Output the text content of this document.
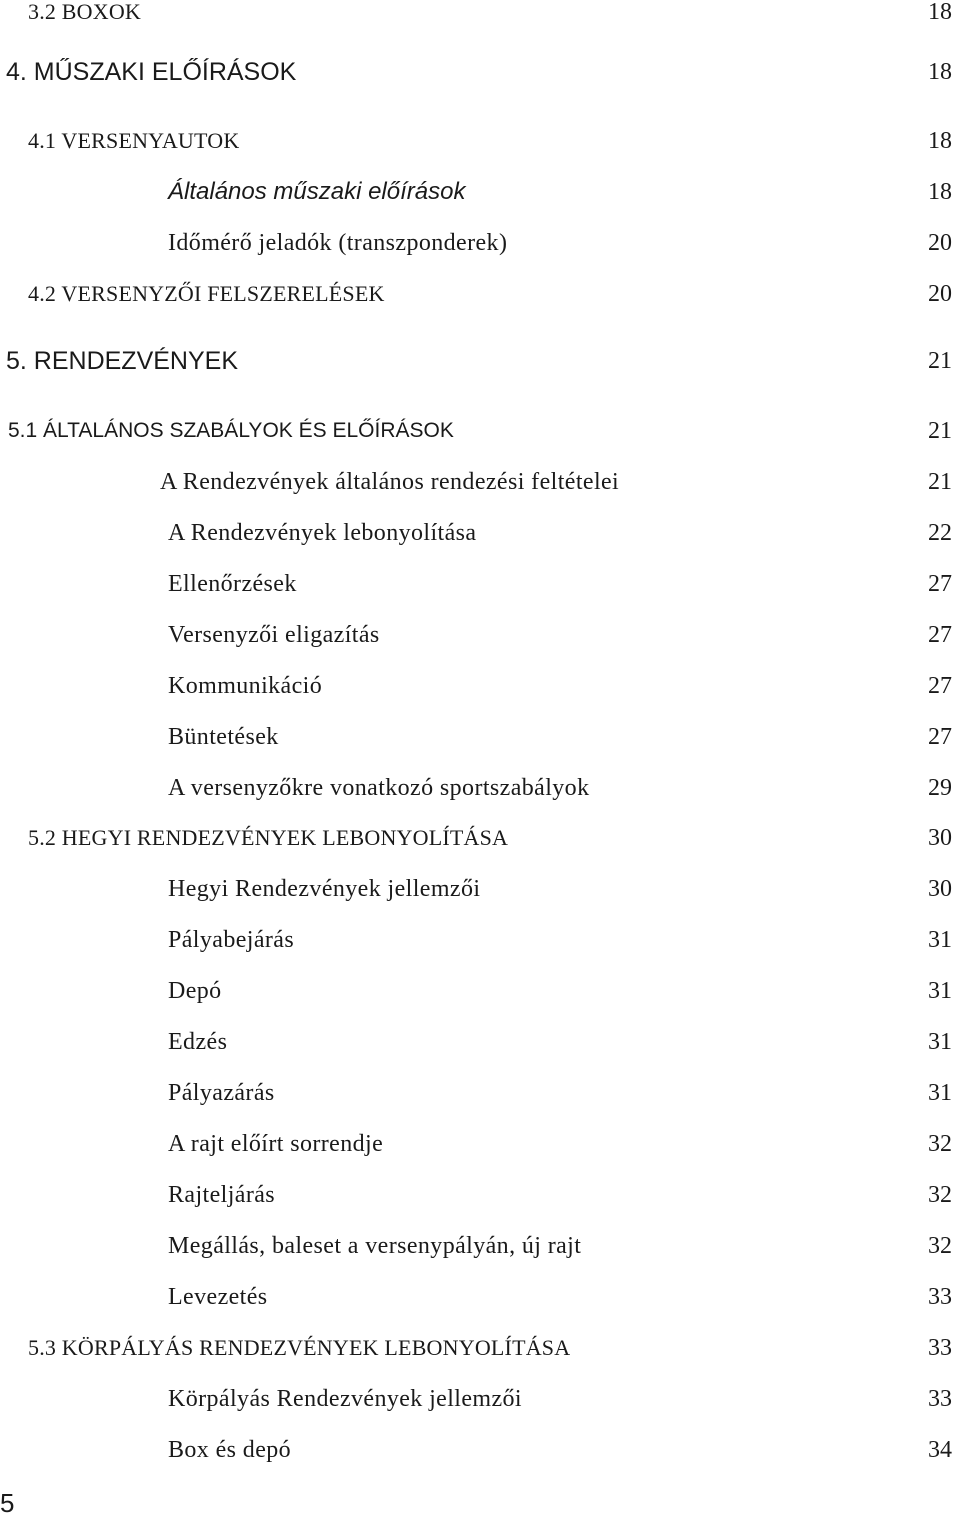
3.2 BOXOK	18
4. MŰSZAKI ELŐÍRÁSOK	18
4.1 VERSENYAUTOK	18
Általános műszaki előírások	18
Időmérő jeladók (transzponderek)	20
4.2 VERSENYZŐI FELSZERELÉSEK	20
5. RENDEZVÉNYEK	21
5.1 ÁLTALÁNOS SZABÁLYOK ÉS ELŐÍRÁSOK	21
A Rendezvények általános rendezési feltételei	21
A Rendezvények lebonyolítása	22
Ellenőrzések	27
Versenyzői eligazítás	27
Kommunikáció	27
Büntetések	27
A versenyzőkre vonatkozó sportszabályok	29
5.2 HEGYI RENDEZVÉNYEK LEBONYOLÍTÁSA	30
Hegyi Rendezvények jellemzői	30
Pályabejárás	31
Depó	31
Edzés	31
Pályazárás	31
A rajt előírt sorrendje	32
Rajteljárás	32
Megállás, baleset a versenypályán, új rajt	32
Levezetés	33
5.3 KÖRPÁLYÁS RENDEZVÉNYEK LEBONYOLÍTÁSA	33
Körpályás Rendezvények jellemzői	33
Box és depó	34
5
